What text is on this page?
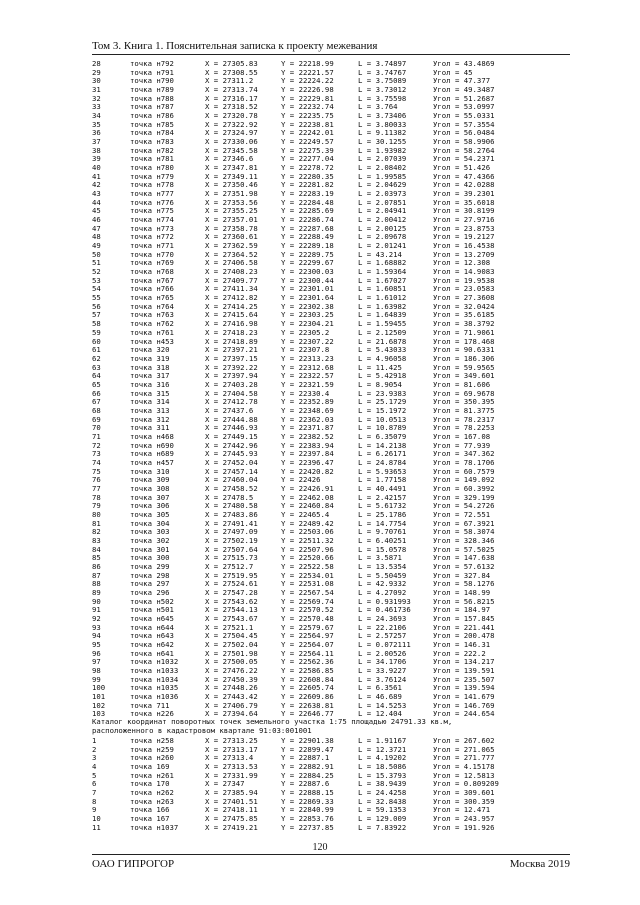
Том 3. Книга 1. Пояснительная записка к проекту межевания
28	точка н792	X = 27305.83	Y = 22218.99	L = 3.74897	Угол = 43.4869
29	точка н791	X = 27308.55	Y = 22221.57	L = 3.74767	Угол = 45
30	точка н790	X = 27311.2	Y = 22224.22	L = 3.75089	Угол = 47.377
31	точка н789	X = 27313.74	Y = 22226.98	L = 3.73012	Угол = 49.3487
32	точка н788	X = 27316.17	Y = 22229.81	L = 3.75598	Угол = 51.2687
33	точка н787	X = 27318.52	Y = 22232.74	L = 3.764	Угол = 53.0997
34	точка н786	X = 27320.78	Y = 22235.75	L = 3.73406	Угол = 55.0331
35	точка н785	X = 27322.92	Y = 22238.81	L = 3.80033	Угол = 57.3554
36	точка н784	X = 27324.97	Y = 22242.01	L = 9.11382	Угол = 56.0484
37	точка н783	X = 27330.06	Y = 22249.57	L = 30.1255	Угол = 58.9906
38	точка н782	X = 27345.58	Y = 22275.39	L = 1.93982	Угол = 58.2764
39	точка н781	X = 27346.6	Y = 22277.04	L = 2.07039	Угол = 54.2371
40	точка н780	X = 27347.81	Y = 22278.72	L = 2.08402	Угол = 51.426
41	точка н779	X = 27349.11	Y = 22280.35	L = 1.99585	Угол = 47.4366
42	точка н778	X = 27350.46	Y = 22281.82	L = 2.04629	Угол = 42.0288
43	точка н777	X = 27351.98	Y = 22283.19	L = 2.03973	Угол = 39.2301
44	точка н776	X = 27353.56	Y = 22284.48	L = 2.07851	Угол = 35.6018
45	точка н775	X = 27355.25	Y = 22285.69	L = 2.04941	Угол = 30.8199
46	точка н774	X = 27357.01	Y = 22286.74	L = 2.00412	Угол = 27.9716
47	точка н773	X = 27358.78	Y = 22287.68	L = 2.00125	Угол = 23.8753
48	точка н772	X = 27360.61	Y = 22288.49	L = 2.09678	Угол = 19.2127
49	точка н771	X = 27362.59	Y = 22289.18	L = 2.01241	Угол = 16.4538
50	точка н770	X = 27364.52	Y = 22289.75	L = 43.214	Угол = 13.2709
51	точка н769	X = 27406.58	Y = 22299.67	L = 1.68882	Угол = 12.308
52	точка н768	X = 27408.23	Y = 22300.03	L = 1.59364	Угол = 14.9083
53	точка н767	X = 27409.77	Y = 22300.44	L = 1.67027	Угол = 19.9538
54	точка н766	X = 27411.34	Y = 22301.01	L = 1.60851	Угол = 23.0583
55	точка н765	X = 27412.82	Y = 22301.64	L = 1.61012	Угол = 27.3608
56	точка н764	X = 27414.25	Y = 22302.38	L = 1.63982	Угол = 32.0424
57	точка н763	X = 27415.64	Y = 22303.25	L = 1.64839	Угол = 35.6185
58	точка н762	X = 27416.98	Y = 22304.21	L = 1.59455	Угол = 38.3792
59	точка н761	X = 27418.23	Y = 22305.2	L = 2.12509	Угол = 71.9061
60	точка н453	X = 27418.89	Y = 22307.22	L = 21.6878	Угол = 178.468
61	точка 320	X = 27397.21	Y = 22307.8	L = 5.43033	Угол = 90.6331
62	точка 319	X = 27397.15	Y = 22313.23	L = 4.96058	Угол = 186.306
63	точка 318	X = 27392.22	Y = 22312.68	L = 11.425	Угол = 59.9565
64	точка 317	X = 27397.94	Y = 22322.57	L = 5.42918	Угол = 349.601
65	точка 316	X = 27403.28	Y = 22321.59	L = 8.9054	Угол = 81.606
66	точка 315	X = 27404.58	Y = 22330.4	L = 23.9383	Угол = 69.9678
67	точка 314	X = 27412.78	Y = 22352.89	L = 25.1729	Угол = 350.395
68	точка 313	X = 27437.6	Y = 22348.69	L = 15.1972	Угол = 81.3775
69	точка 312	X = 27444.88	Y = 22362.03	L = 10.0513	Угол = 78.2317
70	точка 311	X = 27446.93	Y = 22371.87	L = 10.8789	Угол = 78.2253
71	точка н468	X = 27449.15	Y = 22382.52	L = 6.35079	Угол = 167.08
72	точка н690	X = 27442.96	Y = 22383.94	L = 14.2138	Угол = 77.939
73	точка н689	X = 27445.93	Y = 22397.84	L = 6.26171	Угол = 347.362
74	точка н457	X = 27452.04	Y = 22396.47	L = 24.8784	Угол = 78.1706
75	точка 310	X = 27457.14	Y = 22420.82	L = 5.93653	Угол = 60.7579
76	точка 309	X = 27460.04	Y = 22426	L = 1.77158	Угол = 149.092
77	точка 308	X = 27458.52	Y = 22426.91	L = 40.4491	Угол = 60.3992
78	точка 307	X = 27478.5	Y = 22462.08	L = 2.42157	Угол = 329.199
79	точка 306	X = 27480.58	Y = 22460.84	L = 5.61732	Угол = 54.2726
80	точка 305	X = 27483.86	Y = 22465.4	L = 25.1786	Угол = 72.551
81	точка 304	X = 27491.41	Y = 22489.42	L = 14.7754	Угол = 67.3921
82	точка 303	X = 27497.09	Y = 22503.06	L = 9.70761	Угол = 58.3074
83	точка 302	X = 27502.19	Y = 22511.32	L = 6.40251	Угол = 328.346
84	точка 301	X = 27507.64	Y = 22507.96	L = 15.0578	Угол = 57.5025
85	точка 300	X = 27515.73	Y = 22520.66	L = 3.5871	Угол = 147.638
86	точка 299	X = 27512.7	Y = 22522.58	L = 13.5354	Угол = 57.6132
87	точка 298	X = 27519.95	Y = 22534.01	L = 5.50459	Угол = 327.84
88	точка 297	X = 27524.61	Y = 22531.08	L = 42.9332	Угол = 58.1276
89	точка 296	X = 27547.28	Y = 22567.54	L = 4.27092	Угол = 148.99
90	точка н502	X = 27543.62	Y = 22569.74	L = 0.931993	Угол = 56.8215
91	точка н501	X = 27544.13	Y = 22570.52	L = 0.461736	Угол = 184.97
92	точка н645	X = 27543.67	Y = 22570.48	L = 24.3693	Угол = 157.845
93	точка н644	X = 27521.1	Y = 22579.67	L = 22.2106	Угол = 221.441
94	точка н643	X = 27504.45	Y = 22564.97	L = 2.57257	Угол = 200.478
95	точка н642	X = 27502.04	Y = 22564.07	L = 0.072111	Угол = 146.31
96	точка н641	X = 27501.98	Y = 22564.11	L = 2.00526	Угол = 222.2
97	точка н1032	X = 27500.05	Y = 22562.36	L = 34.1706	Угол = 134.217
98	точка н1033	X = 27476.22	Y = 22586.85	L = 33.9227	Угол = 139.591
99	точка н1034	X = 27450.39	Y = 22608.84	L = 3.76124	Угол = 235.507
100	точка н1035	X = 27448.26	Y = 22605.74	L = 6.3561	Угол = 139.594
101	точка н1036	X = 27443.42	Y = 22609.86	L = 46.689	Угол = 141.679
102	точка 711	X = 27406.79	Y = 22638.81	L = 14.5253	Угол = 146.769
103	точка н226	X = 27394.64	Y = 22646.77	L = 12.404	Угол = 244.654
Каталог координат поворотных точек земельного участка 1:75 площадью 24791.33 кв.м,
расположенного в кадастровом квартале 91:03:001001
1	точка н258	X = 27313.25	Y = 22901.38	L = 1.91167	Угол = 267.602
2	точка н259	X = 27313.17	Y = 22899.47	L = 12.3721	Угол = 271.065
3	точка н260	X = 27313.4	Y = 22887.1	L = 4.19202	Угол = 271.777
4	точка 169	X = 27313.53	Y = 22882.91	L = 18.5086	Угол = 4.15178
5	точка н261	X = 27331.99	Y = 22884.25	L = 15.3793	Угол = 12.5813
6	точка 170	X = 27347	Y = 22887.6	L = 38.9439	Угол = 0.809209
7	точка н262	X = 27385.94	Y = 22888.15	L = 24.4258	Угол = 309.601
8	точка н263	X = 27401.51	Y = 22869.33	L = 32.8438	Угол = 300.359
9	точка 166	X = 27418.11	Y = 22840.99	L = 59.1353	Угол = 12.471
10	точка 167	X = 27475.85	Y = 22853.76	L = 129.009	Угол = 243.957
11	точка н1037	X = 27419.21	Y = 22737.85	L = 7.83922	Угол = 191.926
120
ОАО ГИПРОГОР	Москва 2019
